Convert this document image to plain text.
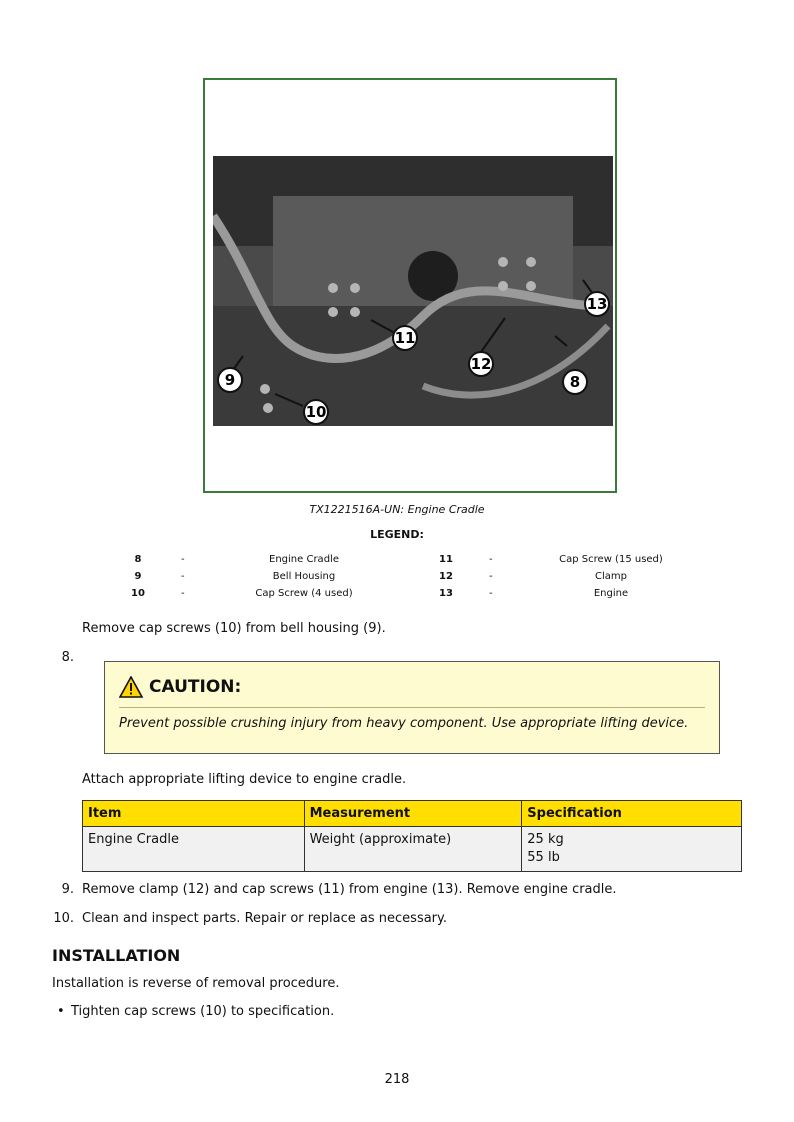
11
12
8
9
10
13
TX1221516A-UN: Engine Cradle
LEGEND:
8	-	Engine Cradle	11	-	Cap Screw (15 used)
9	-	Bell Housing	12	-	Clamp
10	-	Cap Screw (4 used)	13	-	Engine
Remove cap screws (10) from bell housing (9).
8.
CAUTION:
Prevent possible crushing injury from heavy component. Use appropriate lifting device.
Attach appropriate lifting device to engine cradle.
Item	Measurement	Specification
Engine Cradle	Weight (approximate)	25 kg
55 lb
9. Remove clamp (12) and cap screws (11) from engine (13). Remove engine cradle.
10. Clean and inspect parts. Repair or replace as necessary.
INSTALLATION
Installation is reverse of removal procedure.
• Tighten cap screws (10) to specification.
218
